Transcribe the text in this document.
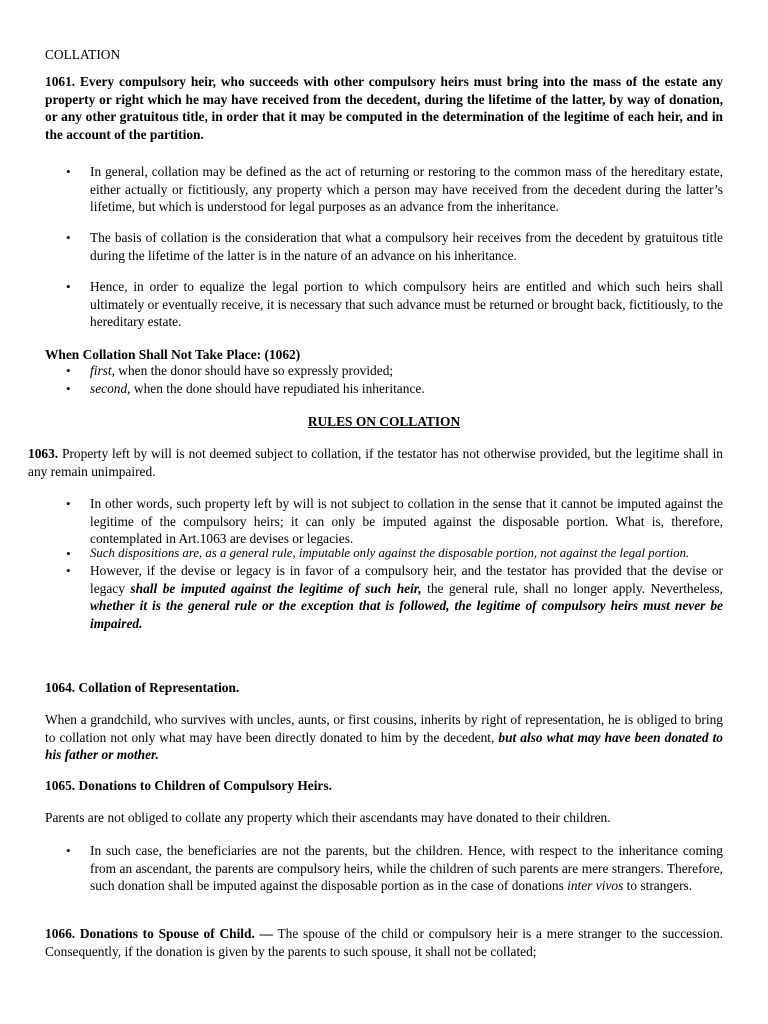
COLLATION
1061. Every compulsory heir, who succeeds with other compulsory heirs must bring into the mass of the estate any property or right which he may have received from the decedent, during the lifetime of the latter, by way of donation, or any other gratuitous title, in order that it may be computed in the determination of the legitime of each heir, and in the account of the partition.
• In general, collation may be defined as the act of returning or restoring to the common mass of the hereditary estate, either actually or fictitiously, any property which a person may have received from the decedent during the latter’s lifetime, but which is understood for legal purposes as an advance from the inheritance.
• The basis of collation is the consideration that what a compulsory heir receives from the decedent by gratuitous title during the lifetime of the latter is in the nature of an advance on his inheritance.
• Hence, in order to equalize the legal portion to which compulsory heirs are entitled and which such heirs shall ultimately or eventually receive, it is necessary that such advance must be returned or brought back, fictitiously, to the hereditary estate.
When Collation Shall Not Take Place: (1062)
• first, when the donor should have so expressly provided;
• second, when the done should have repudiated his inheritance.
RULES ON COLLATION
1063. Property left by will is not deemed subject to collation, if the testator has not otherwise provided, but the legitime shall in any remain unimpaired.
• In other words, such property left by will is not subject to collation in the sense that it cannot be imputed against the legitime of the compulsory heirs; it can only be imputed against the disposable portion. What is, therefore, contemplated in Art.1063 are devises or legacies.
• Such dispositions are, as a general rule, imputable only against the disposable portion, not against the legal portion.
• However, if the devise or legacy is in favor of a compulsory heir, and the testator has provided that the devise or legacy shall be imputed against the legitime of such heir, the general rule, shall no longer apply. Nevertheless, whether it is the general rule or the exception that is followed, the legitime of compulsory heirs must never be impaired.
1064. Collation of Representation.
When a grandchild, who survives with uncles, aunts, or first cousins, inherits by right of representation, he is obliged to bring to collation not only what may have been directly donated to him by the decedent, but also what may have been donated to his father or mother.
1065. Donations to Children of Compulsory Heirs.
Parents are not obliged to collate any property which their ascendants may have donated to their children.
• In such case, the beneficiaries are not the parents, but the children. Hence, with respect to the inheritance coming from an ascendant, the parents are compulsory heirs, while the children of such parents are mere strangers. Therefore, such donation shall be imputed against the disposable portion as in the case of donations inter vivos to strangers.
1066. Donations to Spouse of Child. — The spouse of the child or compulsory heir is a mere stranger to the succession. Consequently, if the donation is given by the parents to such spouse, it shall not be collated;
